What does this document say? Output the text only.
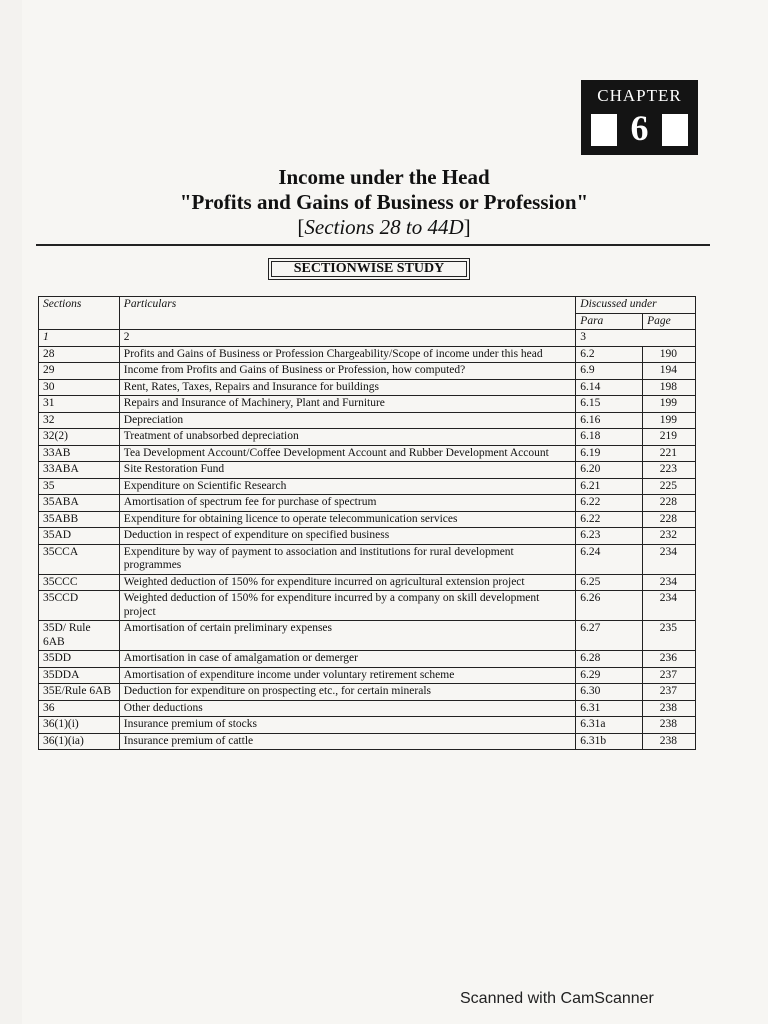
CHAPTER
6
Income under the Head
"Profits and Gains of Business or Profession"
[Sections 28 to 44D]
SECTIONWISE STUDY
Sections	Particulars	Discussed under	
		Para	Page
1	2	3	
28	Profits and Gains of Business or Profession Chargeability/Scope of income under this head	6.2	190
29	Income from Profits and Gains of Business or Profession, how computed?	6.9	194
30	Rent, Rates, Taxes, Repairs and Insurance for buildings	6.14	198
31	Repairs and Insurance of Machinery, Plant and Furniture	6.15	199
32	Depreciation	6.16	199
32(2)	Treatment of unabsorbed depreciation	6.18	219
33AB	Tea Development Account/Coffee Development Account and Rubber Development Account	6.19	221
33ABA	Site Restoration Fund	6.20	223
35	Expenditure on Scientific Research	6.21	225
35ABA	Amortisation of spectrum fee for purchase of spectrum	6.22	228
35ABB	Expenditure for obtaining licence to operate telecommunication services	6.22	228
35AD	Deduction in respect of expenditure on specified business	6.23	232
35CCA	Expenditure by way of payment to association and institutions for rural development programmes	6.24	234
35CCC	Weighted deduction of 150% for expenditure incurred on agricultural extension project	6.25	234
35CCD	Weighted deduction of 150% for expenditure incurred by a company on skill development project	6.26	234
35D/ Rule 6AB	Amortisation of certain preliminary expenses	6.27	235
35DD	Amortisation in case of amalgamation or demerger	6.28	236
35DDA	Amortisation of expenditure income under voluntary retirement scheme	6.29	237
35E/Rule 6AB	Deduction for expenditure on prospecting etc., for certain minerals	6.30	237
36	Other deductions	6.31	238
36(1)(i)	Insurance premium of stocks	6.31a	238
36(1)(ia)	Insurance premium of cattle	6.31b	238
Scanned with CamScanner
